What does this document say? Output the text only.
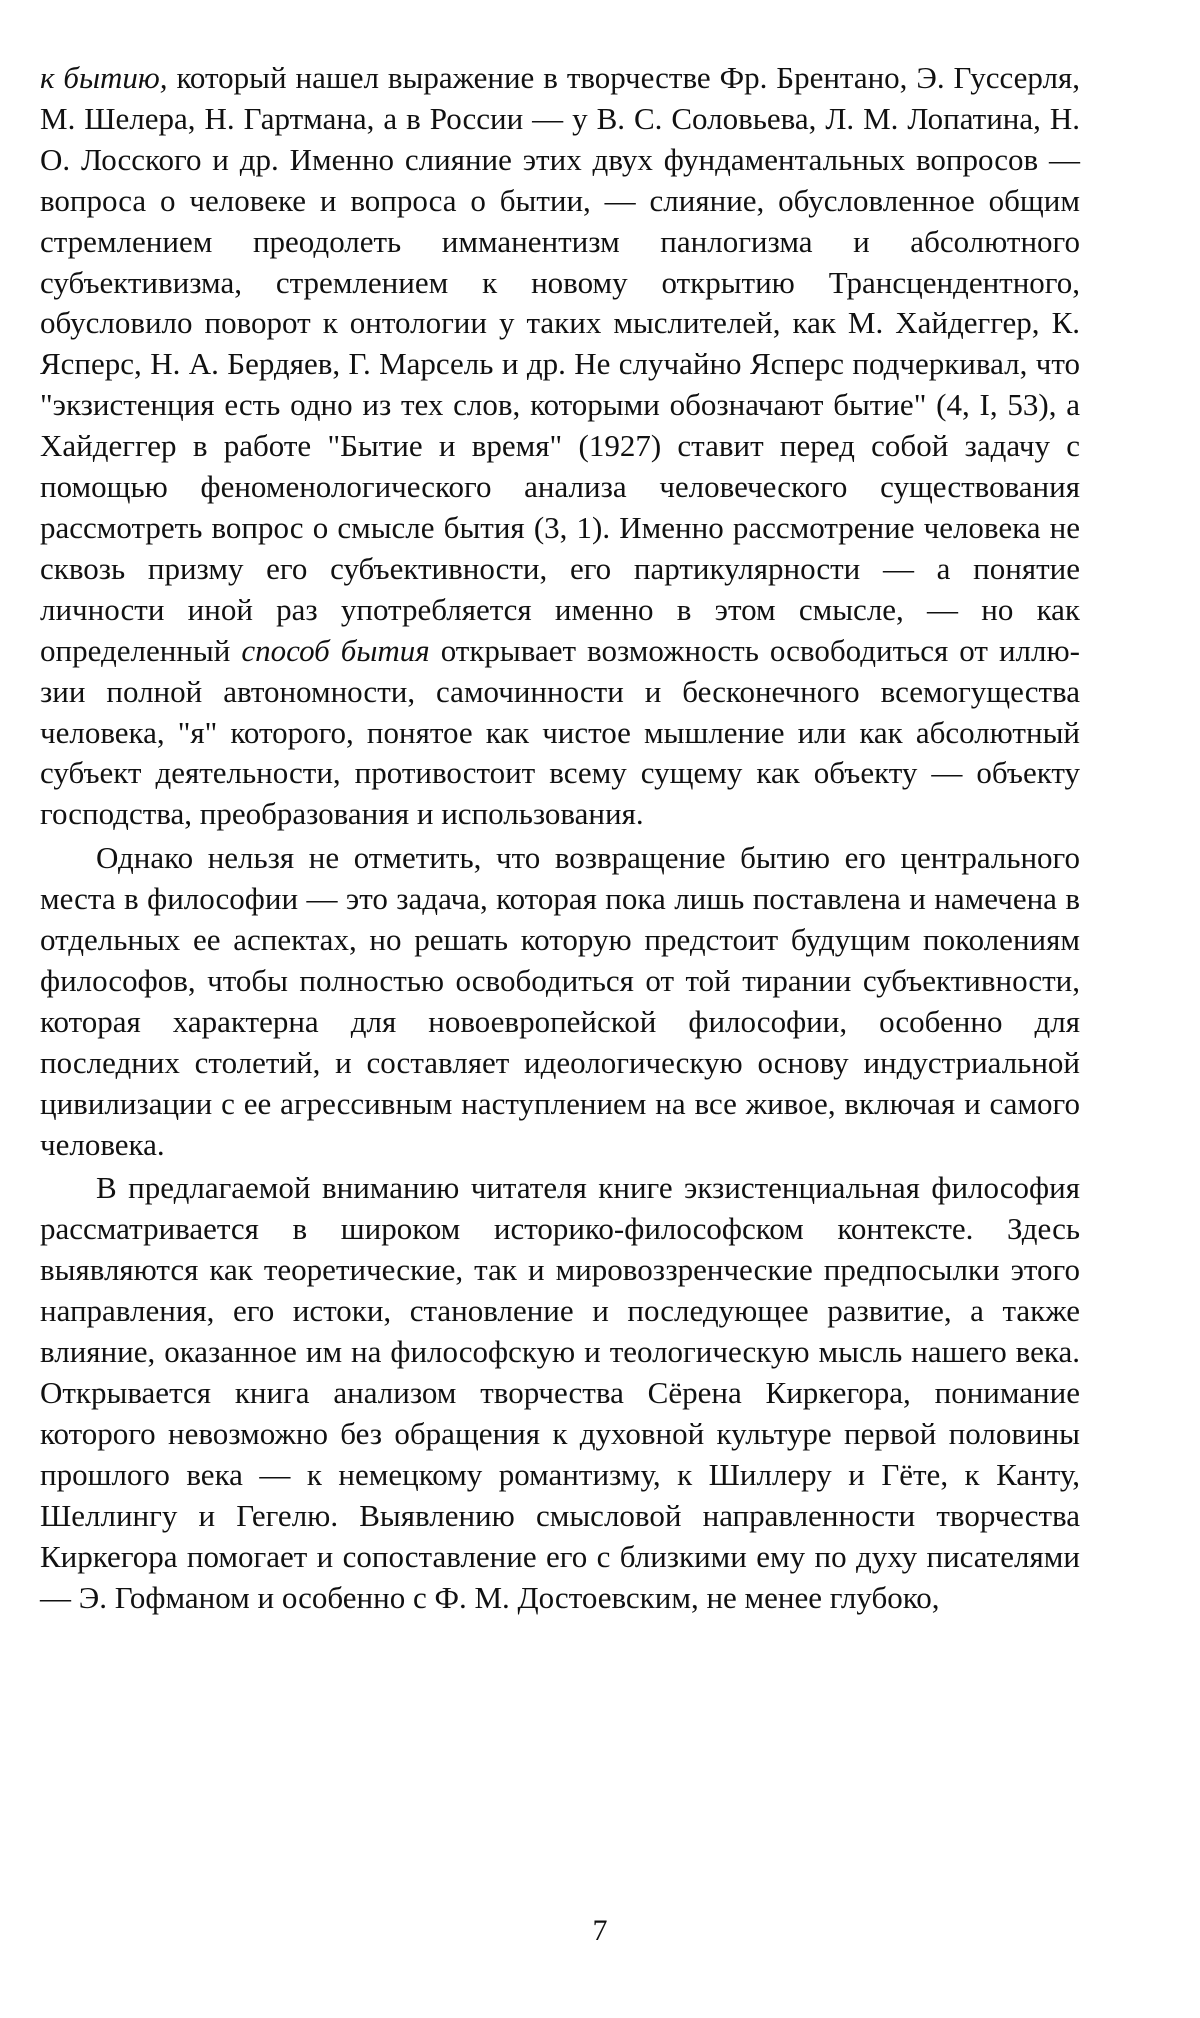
к бытию, который нашел выражение в творчестве Фр. Брентано, Э. Гуссерля, М. Шелера, Н. Гартмана, а в России — у В. С. Соловьева, Л. М. Лопатина, Н. О. Лосского и др. Именно слияние этих двух фундаментальных вопросов — вопроса о человеке и вопроса о бытии, — слияние, обусловленное общим стремлением преодолеть имманентизм панлогизма и абсолютного субъективизма, стремлением к новому открытию Трансцендентного, обусловило поворот к онтологии у таких мыслителей, как М. Хайдеггер, К. Ясперс, Н. А. Бердяев, Г. Марсель и др. Не случайно Ясперс подчеркивал, что "экзистенция есть одно из тех слов, которыми обозначают бытие" (4, I, 53), а Хайдеггер в работе "Бытие и время" (1927) ставит перед собой задачу с помощью феноменологического анализа человеческого существования рассмотреть вопрос о смысле бытия (3, 1). Именно рассмотрение человека не сквозь призму его субъективности, его партикулярности — а понятие личности иной раз употребляется именно в этом смысле, — но как определенный способ бытия открывает возможность освободиться от иллюзии полной автономности, самочинности и бесконечного всемогущества человека, "я" которого, понятое как чистое мышление или как абсолютный субъект деятельности, противостоит всему сущему как объекту — объекту господства, преобразования и использования.

Однако нельзя не отметить, что возвращение бытию его центрального места в философии — это задача, которая пока лишь поставлена и намечена в отдельных ее аспектах, но решать которую предстоит будущим поколениям философов, чтобы полностью освободиться от той тирании субъективности, которая характерна для новоевропейской философии, особенно для последних столетий, и составляет идеологическую основу индустриальной цивилизации с ее агрессивным наступлением на все живое, включая и самого человека.

В предлагаемой вниманию читателя книге экзистенциальная философия рассматривается в широком историко-философском контексте. Здесь выявляются как теоретические, так и мировоззренческие предпосылки этого направления, его истоки, становление и последующее развитие, а также влияние, оказанное им на философскую и теологическую мысль нашего века. Открывается книга анализом творчества Сёрена Киркегора, понимание которого невозможно без обращения к духовной культуре первой половины прошлого века — к немецкому романтизму, к Шиллеру и Гёте, к Канту, Шеллингу и Гегелю. Выявлению смысловой направленности творчества Киркегора помогает и сопоставление его с близкими ему по духу писателями — Э. Гофманом и особенно с Ф. М. Достоевским, не менее глубоко,

7
